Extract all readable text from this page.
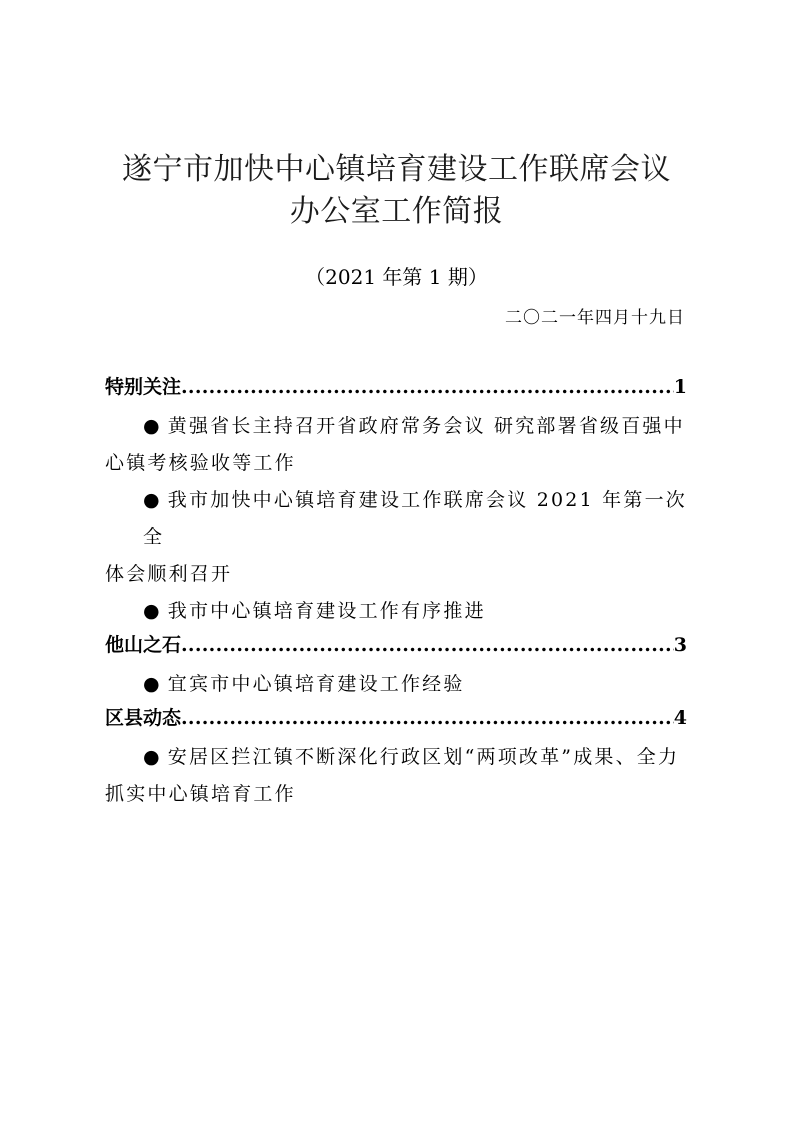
遂宁市加快中心镇培育建设工作联席会议
办公室工作简报
（2021 年第 1 期）
二〇二一年四月十九日
特别关注 .....	1
● 黄强省长主持召开省政府常务会议 研究部署省级百强中
心镇考核验收等工作
● 我市加快中心镇培育建设工作联席会议 2021 年第一次全
体会顺利召开
● 我市中心镇培育建设工作有序推进
他山之石 .....	3
● 宜宾市中心镇培育建设工作经验
区县动态 .....	4
● 安居区拦江镇不断深化行政区划“两项改革”成果、全力
抓实中心镇培育工作
